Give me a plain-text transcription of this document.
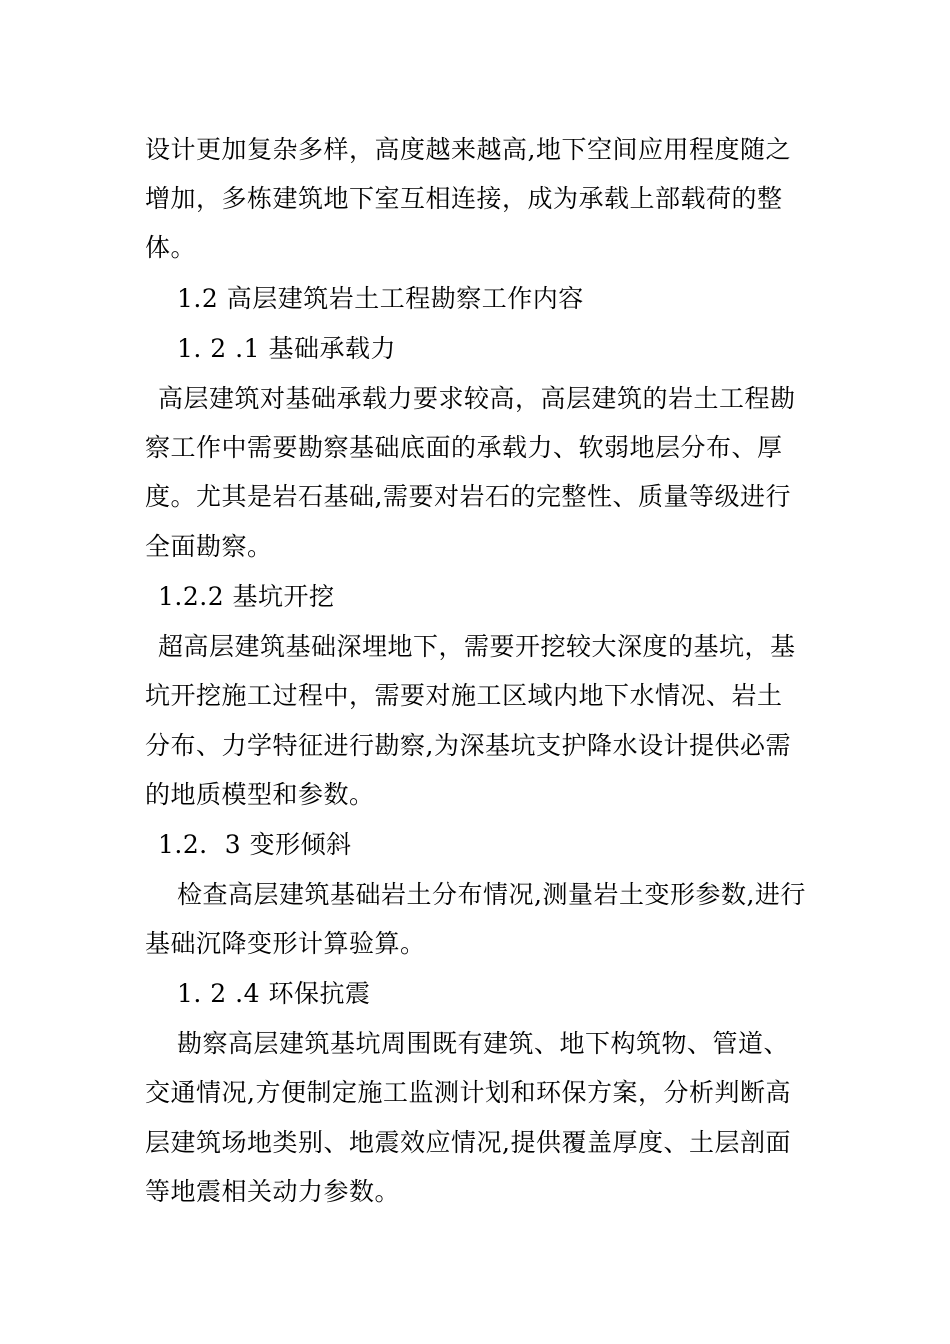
设计更加复杂多样，高度越来越高,地下空间应用程度随之
增加，多栋建筑地下室互相连接，成为承载上部载荷的整
体。
1.2 高层建筑岩土工程勘察工作内容
1. 2 .1 基础承载力
高层建筑对基础承载力要求较高，高层建筑的岩土工程勘
察工作中需要勘察基础底面的承载力、软弱地层分布、厚
度。尤其是岩石基础,需要对岩石的完整性、质量等级进行
全面勘察。
1.2.2 基坑开挖
超高层建筑基础深埋地下，需要开挖较大深度的基坑，基
坑开挖施工过程中，需要对施工区域内地下水情况、岩土
分布、力学特征进行勘察,为深基坑支护降水设计提供必需
的地质模型和参数。
1.2．3 变形倾斜
检查高层建筑基础岩土分布情况,测量岩土变形参数,进行
基础沉降变形计算验算。
1. 2 .4 环保抗震
勘察高层建筑基坑周围既有建筑、地下构筑物、管道、
交通情况,方便制定施工监测计划和环保方案，分析判断高
层建筑场地类别、地震效应情况,提供覆盖厚度、土层剖面
等地震相关动力参数。
